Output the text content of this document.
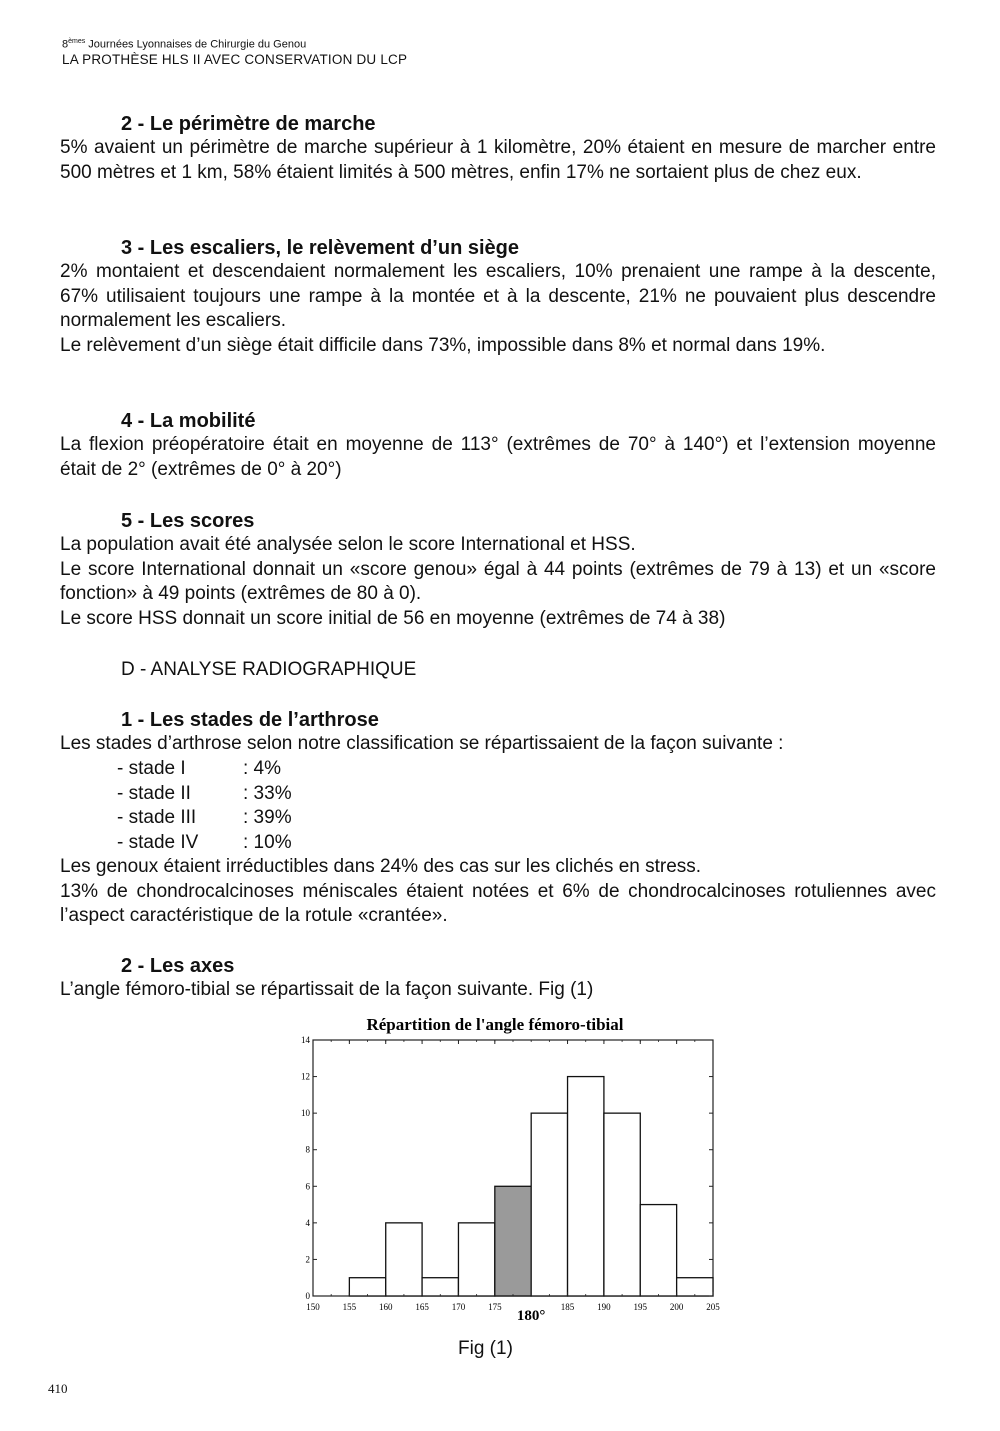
8èmes Journées Lyonnaises de Chirurgie du Genou
LA PROTHÈSE HLS II AVEC CONSERVATION DU LCP
2 - Le périmètre de marche

5% avaient un périmètre de marche supérieur à 1 kilomètre, 20% étaient en mesure de marcher entre 500 mètres et 1 km, 58% étaient limités à 500 mètres, enfin 17% ne sortaient plus de chez eux.

3 - Les escaliers, le relèvement d’un siège

2% montaient et descendaient normalement les escaliers, 10% prenaient une rampe à la descente, 67% utilisaient toujours une rampe à la montée et à la descente, 21% ne pouvaient plus descendre normalement les escaliers.

Le relèvement d’un siège était difficile dans 73%, impossible dans 8% et normal dans 19%.

4 - La mobilité

La flexion préopératoire était en moyenne de 113° (extrêmes de 70° à 140°) et l’extension moyenne était de 2° (extrêmes de 0° à 20°)

5 - Les scores

La population avait été analysée selon le score International et HSS.

Le score International donnait un «score genou» égal à 44 points (extrêmes de 79 à 13) et un «score fonction» à 49 points (extrêmes de 80 à 0).

Le score HSS donnait un score initial de 56 en moyenne (extrêmes de 74 à 38)

D - ANALYSE RADIOGRAPHIQUE
1 - Les stades de l’arthrose

Les stades d’arthrose selon notre classification se répartissaient de la façon suivante :

- stade I	: 4%
- stade II	: 33%
- stade III	: 39%
- stade IV	: 10%

Les genoux étaient irréductibles dans 24% des cas sur les clichés en stress.

13% de chondrocalcinoses méniscales étaient notées et 6% de chondrocalcinoses rotuliennes avec l’aspect caractéristique de la rotule «crantée».

2 - Les axes

L’angle fémoro-tibial se répartissait de la façon suivante. Fig (1)

Répartition de l'angle fémoro-tibial
0
2
4
6
8
10
12
14
150	155	160	165	170	175	185	190	195	200	205
180°
Fig (1)
410
